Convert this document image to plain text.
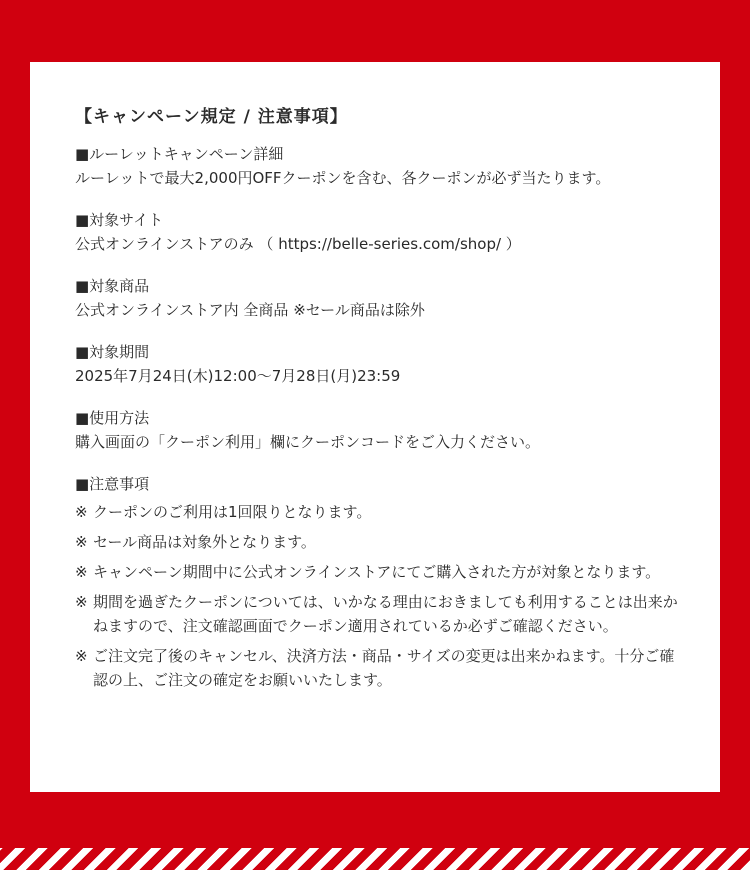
【キャンペーン規定 / 注意事項】
■ルーレットキャンペーン詳細
ルーレットで最大2,000円OFFクーポンを含む、各クーポンが必ず当たります。
■対象サイト
公式オンラインストアのみ （ https://belle-series.com/shop/ ）
■対象商品
公式オンラインストア内 全商品 ※セール商品は除外
■対象期間
2025年7月24日(木)12:00～7月28日(月)23:59
■使用方法
購入画面の「クーポン利用」欄にクーポンコードをご入力ください。
■注意事項
※ クーポンのご利用は1回限りとなります。
※ セール商品は対象外となります。
※ キャンペーン期間中に公式オンラインストアにてご購入された方が対象となります。
※ 期間を過ぎたクーポンについては、いかなる理由におきましても利用することは出来かねますので、注文確認画面でクーポン適用されているか必ずご確認ください。
※ ご注文完了後のキャンセル、決済方法・商品・サイズの変更は出来かねます。十分ご確認の上、ご注文の確定をお願いいたします。
